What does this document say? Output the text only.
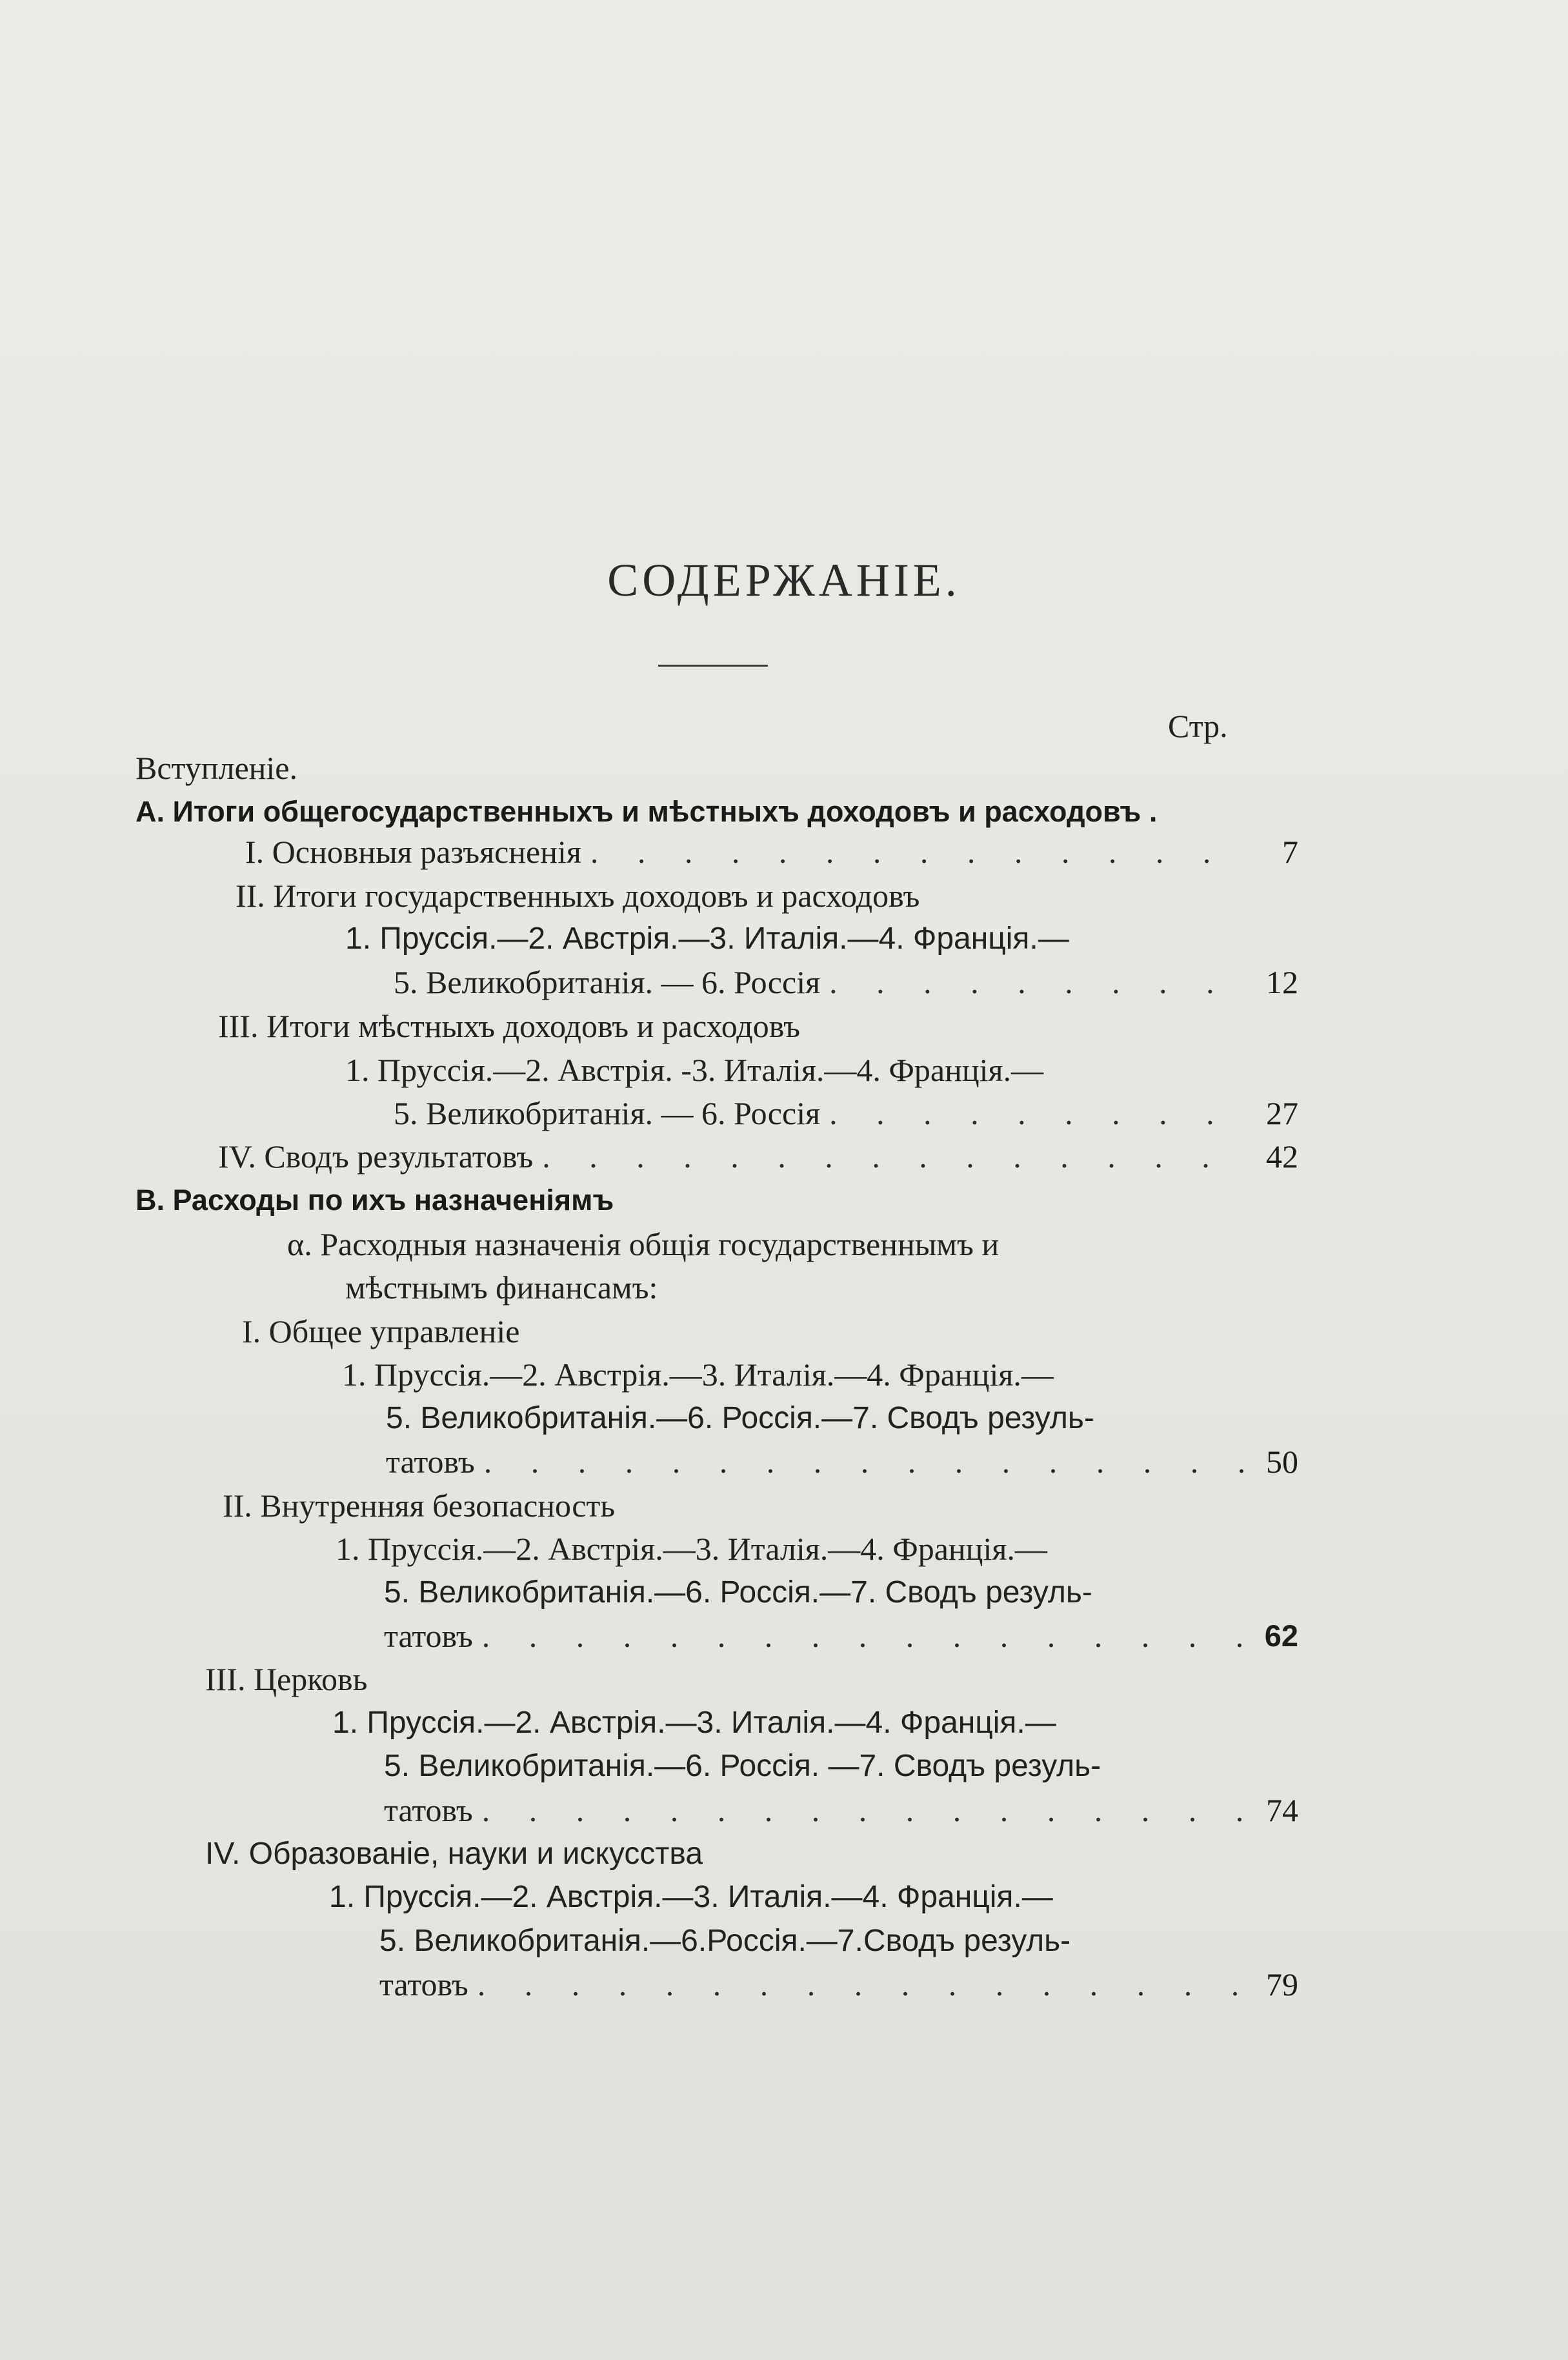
СОДЕРЖАНІЕ.
Стр.
Вступленіе.
А. Итоги общегосударственныхъ и мѣстныхъ доходовъ и расходовъ .
I. Основныя разъясненія . . .	7
II. Итоги государственныхъ доходовъ и расходовъ
1. Пруссія.—2. Австрія.—3. Италія.—4. Франція.—
5. Великобританія. — 6. Россія . . .	12
III. Итоги мѣстныхъ доходовъ и расходовъ
1. Пруссія.—2. Австрія. -3. Италія.—4. Франція.—
5. Великобританія. — 6. Россія . . .	27
IV. Сводъ результатовъ . . .	42
В. Расходы по ихъ назначеніямъ
α. Расходныя назначенія общія государственнымъ и
мѣстнымъ финансамъ:
I. Общее управленіе
1. Пруссія.—2. Австрія.—3. Италія.—4. Франція.—
5. Великобританія.—6. Россія.—7. Сводъ резуль-
татовъ . . .	50
II. Внутренняя безопасность
1. Пруссія.—2. Австрія.—3. Италія.—4. Франція.—
5. Великобританія.—6. Россія.—7. Сводъ резуль-
татовъ . . .	62
III. Церковь
1. Пруссія.—2. Австрія.—3. Италія.—4. Франція.—
5. Великобританія.—6. Россія. —7. Сводъ резуль-
татовъ . . .	74
IV. Образованіе, науки и искусства
1. Пруссія.—2. Австрія.—3. Италія.—4. Франція.—
5. Великобританія.—6.Россія.—7.Сводъ резуль-
татовъ . . .	79
